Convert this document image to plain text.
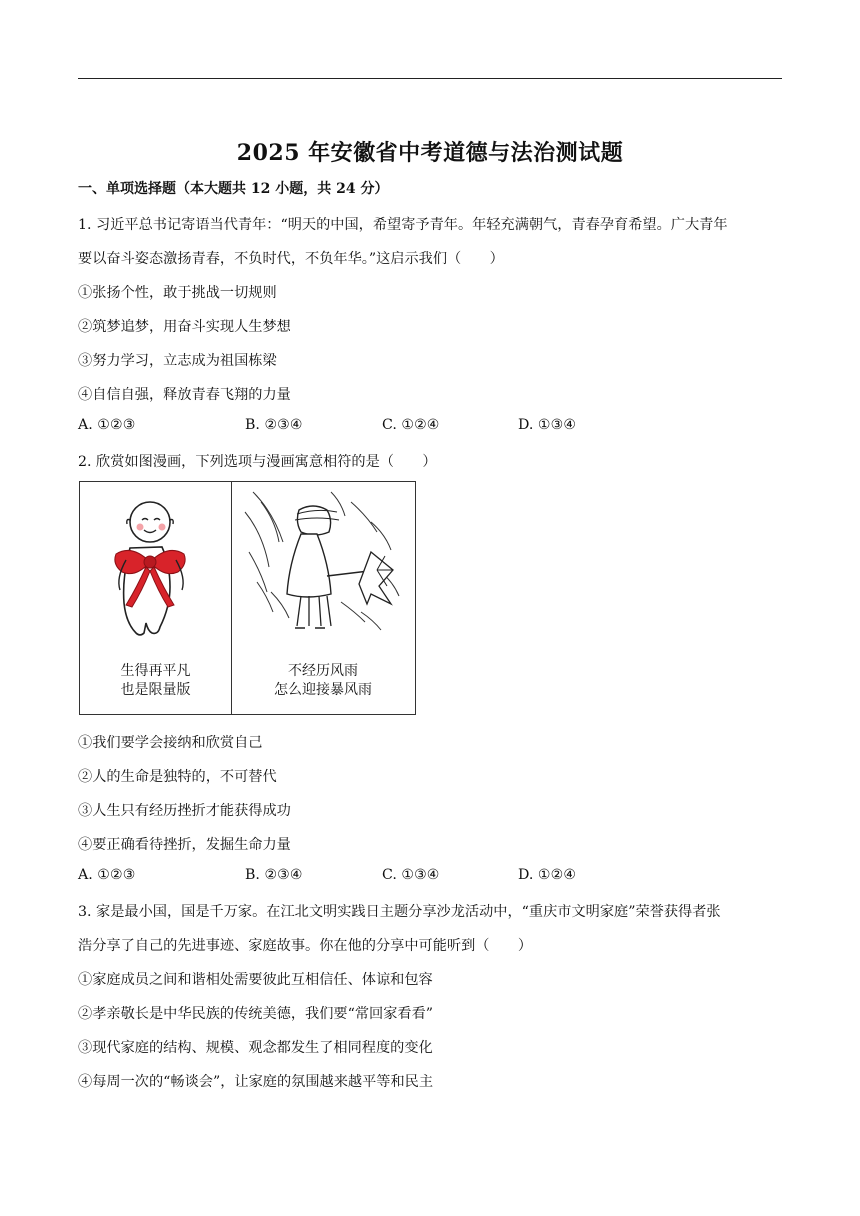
2025 年安徽省中考道德与法治测试题
一、单项选择题（本大题共 12 小题，共 24 分）
1. 习近平总书记寄语当代青年：“明天的中国，希望寄予青年。年轻充满朝气，青春孕育希望。广大青年
要以奋斗姿态激扬青春，不负时代，不负年华。”这启示我们（　　）
①张扬个性，敢于挑战一切规则
②筑梦追梦，用奋斗实现人生梦想
③努力学习，立志成为祖国栋梁
④自信自强，释放青春飞翔的力量
A. ①②③	B. ②③④	C. ①②④	D. ①③④
2. 欣赏如图漫画，下列选项与漫画寓意相符的是（　　）
生得再平凡
也是限量版
不经历风雨
怎么迎接暴风雨
①我们要学会接纳和欣赏自己
②人的生命是独特的，不可替代
③人生只有经历挫折才能获得成功
④要正确看待挫折，发掘生命力量
A. ①②③	B. ②③④	C. ①③④	D. ①②④
3. 家是最小国，国是千万家。在江北文明实践日主题分享沙龙活动中，“重庆市文明家庭”荣誉获得者张
浩分享了自己的先进事迹、家庭故事。你在他的分享中可能听到（　　）
①家庭成员之间和谐相处需要彼此互相信任、体谅和包容
②孝亲敬长是中华民族的传统美德，我们要“常回家看看”
③现代家庭的结构、规模、观念都发生了相同程度的变化
④每周一次的“畅谈会”，让家庭的氛围越来越平等和民主
